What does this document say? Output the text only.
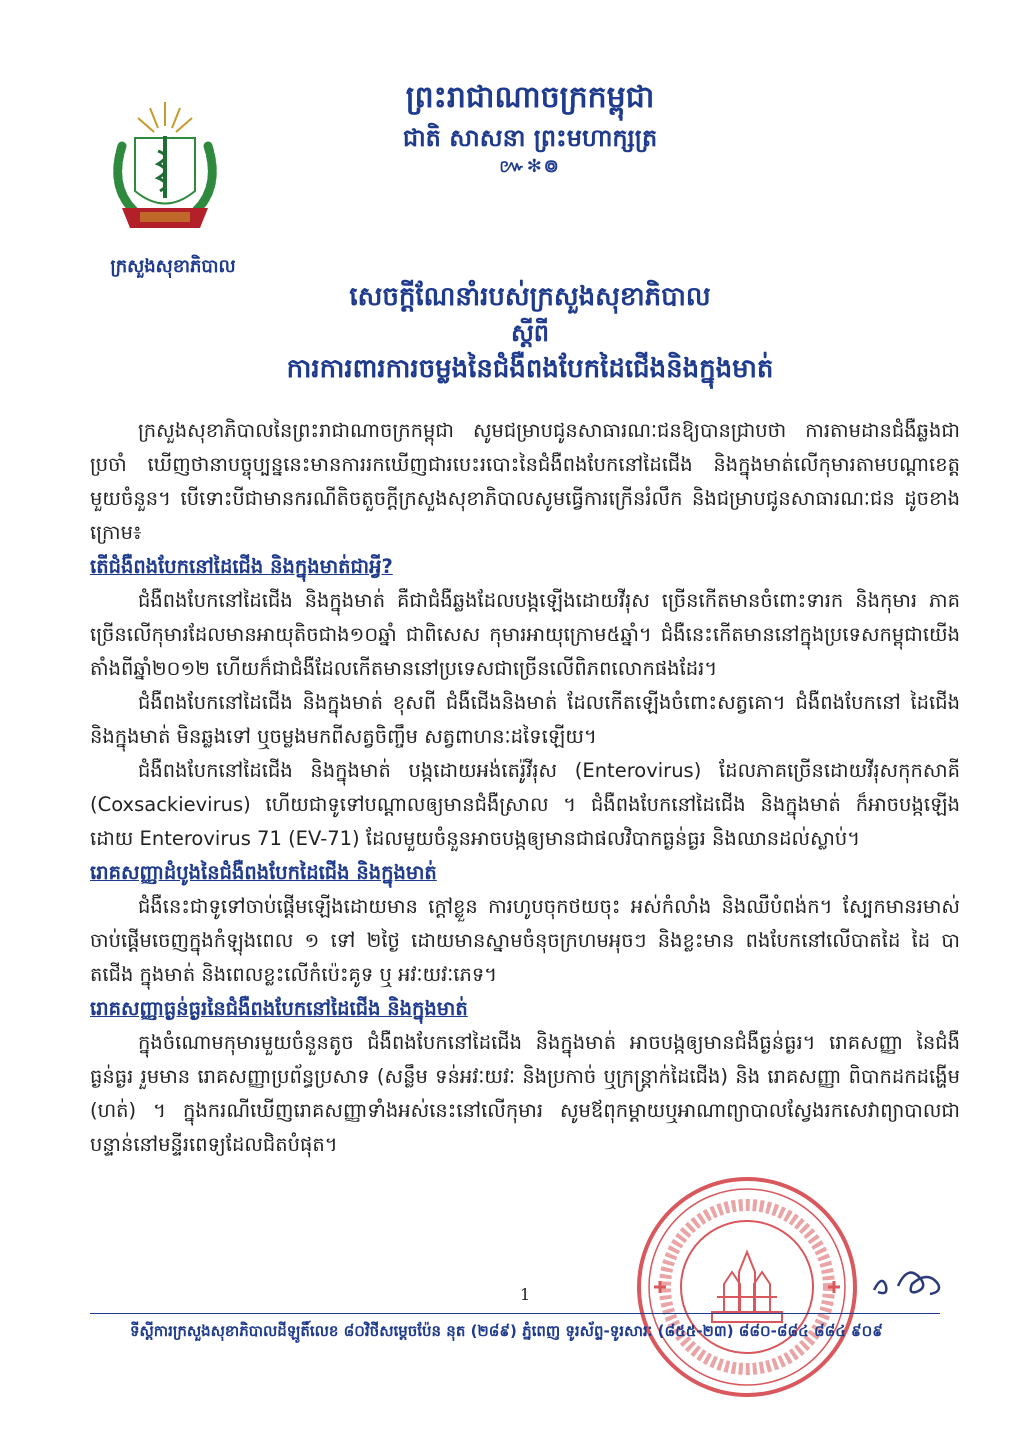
ក្រសួងសុខាភិបាល
ព្រះរាជាណាចក្រកម្ពុជា
ជាតិ សាសនា ព្រះមហាក្សត្រ
៚✻៙
សេចក្តីណែនាំរបស់ក្រសួងសុខាភិបាល
ស្តីពី
ការការពារការចម្លងនៃជំងឺពងបែកដៃជើងនិងក្នុងមាត់

ក្រសួងសុខាភិបាលនៃព្រះរាជាណាចក្រកម្ពុជា សូមជម្រាបជូនសាធារណៈជនឱ្យបានជ្រាបថា ការតាមដានជំងឺឆ្លងជាប្រចាំ ឃើញថានាបច្ចុប្បន្ននេះមានការរកឃើញជារបេះរបោះនៃជំងឺពងបែកនៅដៃជើង និងក្នុងមាត់លើកុមារតាមបណ្តាខេត្តមួយចំនួន។ បើទោះបីជាមានករណីតិចតួចក្តីក្រសួងសុខាភិបាលសូមធ្វើការក្រើនរំលឹក និងជម្រាបជូនសាធារណៈជន ដូចខាងក្រោម៖

តើជំងឺពងបែកនៅដៃជើង និងក្នុងមាត់ជាអ្វី?

ជំងឺពងបែកនៅដៃជើង និងក្នុងមាត់ គឺជាជំងឺឆ្លងដែលបង្កឡើងដោយវីរុស ច្រើនកើតមានចំពោះទារក និងកុមារ ភាគច្រើនលើកុមារដែលមានអាយុតិចជាង១០ឆ្នាំ ជាពិសេស កុមារអាយុក្រោម៥ឆ្នាំ។ ជំងឺនេះកើតមាននៅក្នុងប្រទេសកម្ពុជាយើងតាំងពីឆ្នាំ២០១២ ហើយក៏ជាជំងឺដែលកើតមាននៅប្រទេសជាច្រើនលើពិភពលោកផងដែរ។

ជំងឺពងបែកនៅដៃជើង និងក្នុងមាត់ ខុសពី ជំងឺជើងនិងមាត់ ដែលកើតឡើងចំពោះសត្វគោ។ ជំងឺពងបែកនៅ ដៃជើង និងក្នុងមាត់ មិនឆ្លងទៅ ឬចម្លងមកពីសត្វចិញ្ចឹម សត្វពាហនៈដទៃឡើយ។

ជំងឺពងបែកនៅដៃជើង និងក្នុងមាត់ បង្កដោយអង់តេរ៉ូវីរុស (Enterovirus) ដែលភាគច្រើនដោយវីរុសកុកសាគី (Coxsackievirus) ហើយជាទូទៅបណ្តាលឲ្យមានជំងឺស្រាល ។ ជំងឺពងបែកនៅដៃជើង និងក្នុងមាត់ ក៏អាចបង្កឡើងដោយ Enterovirus 71 (EV-71) ដែលមួយចំនួនអាចបង្កឲ្យមានជាផលវិបាកធ្ងន់ធ្ងរ និងឈានដល់ស្លាប់។

រោគសញ្ញាដំបូងនៃជំងឺពងបែកដៃជើង និងក្នុងមាត់

ជំងឺនេះជាទូទៅចាប់ផ្តើមឡើងដោយមាន ក្តៅខ្លួន ការហូបចុកថយចុះ អស់កំលាំង និងឈឺបំពង់ក។ ស្បែកមានរមាស់ចាប់ផ្តើមចេញក្នុងកំឡុងពេល ១ ទៅ ២ថ្ងៃ ដោយមានស្នាមចំនុចក្រហមអុចៗ និងខ្លះមាន ពងបែកនៅលើបាតដៃ ដៃ បាតជើង ក្នុងមាត់ និងពេលខ្លះលើកំប៉េះគូទ ឬ អវៈយវៈភេទ។

រោគសញ្ញាធ្ងន់ធ្ងរនៃជំងឺពងបែកនៅដៃជើង និងក្នុងមាត់

ក្នុងចំណោមកុមារមួយចំនួនតូច ជំងឺពងបែកនៅដៃជើង និងក្នុងមាត់ អាចបង្កឲ្យមានជំងឺធ្ងន់ធ្ងរ។ រោគសញ្ញា នៃជំងឺធ្ងន់ធ្ងរ រួមមាន រោគសញ្ញាប្រព័ន្ធប្រសាទ (សន្លឹម ទន់អវៈយវៈ និងប្រកាច់ ឬក្រន្ត្រាក់ដៃជើង) និង រោគសញ្ញា ពិបាកដកដង្ហើម (ហត់) ។ ក្នុងករណីឃើញរោគសញ្ញាទាំងអស់នេះនៅលើកុមារ សូមឪពុកម្តាយឬអាណាព្យាបាលស្វែងរកសេវាព្យាបាលជាបន្ទាន់នៅមន្ទីរពេទ្យដែលជិតបំផុត។

1
ទីស្តីការក្រសួងសុខាភិបាលដីឡូតិ៍លេខ ៨០វិថីសម្តេចប៉ែន នុត (២៨៩) ភ្នំពេញ ទូរស័ព្ទ-ទូរសារៈ (៨៥៥-២៣) ៨៨០-៨៨៤ ៨៨៤ ៩០៩
